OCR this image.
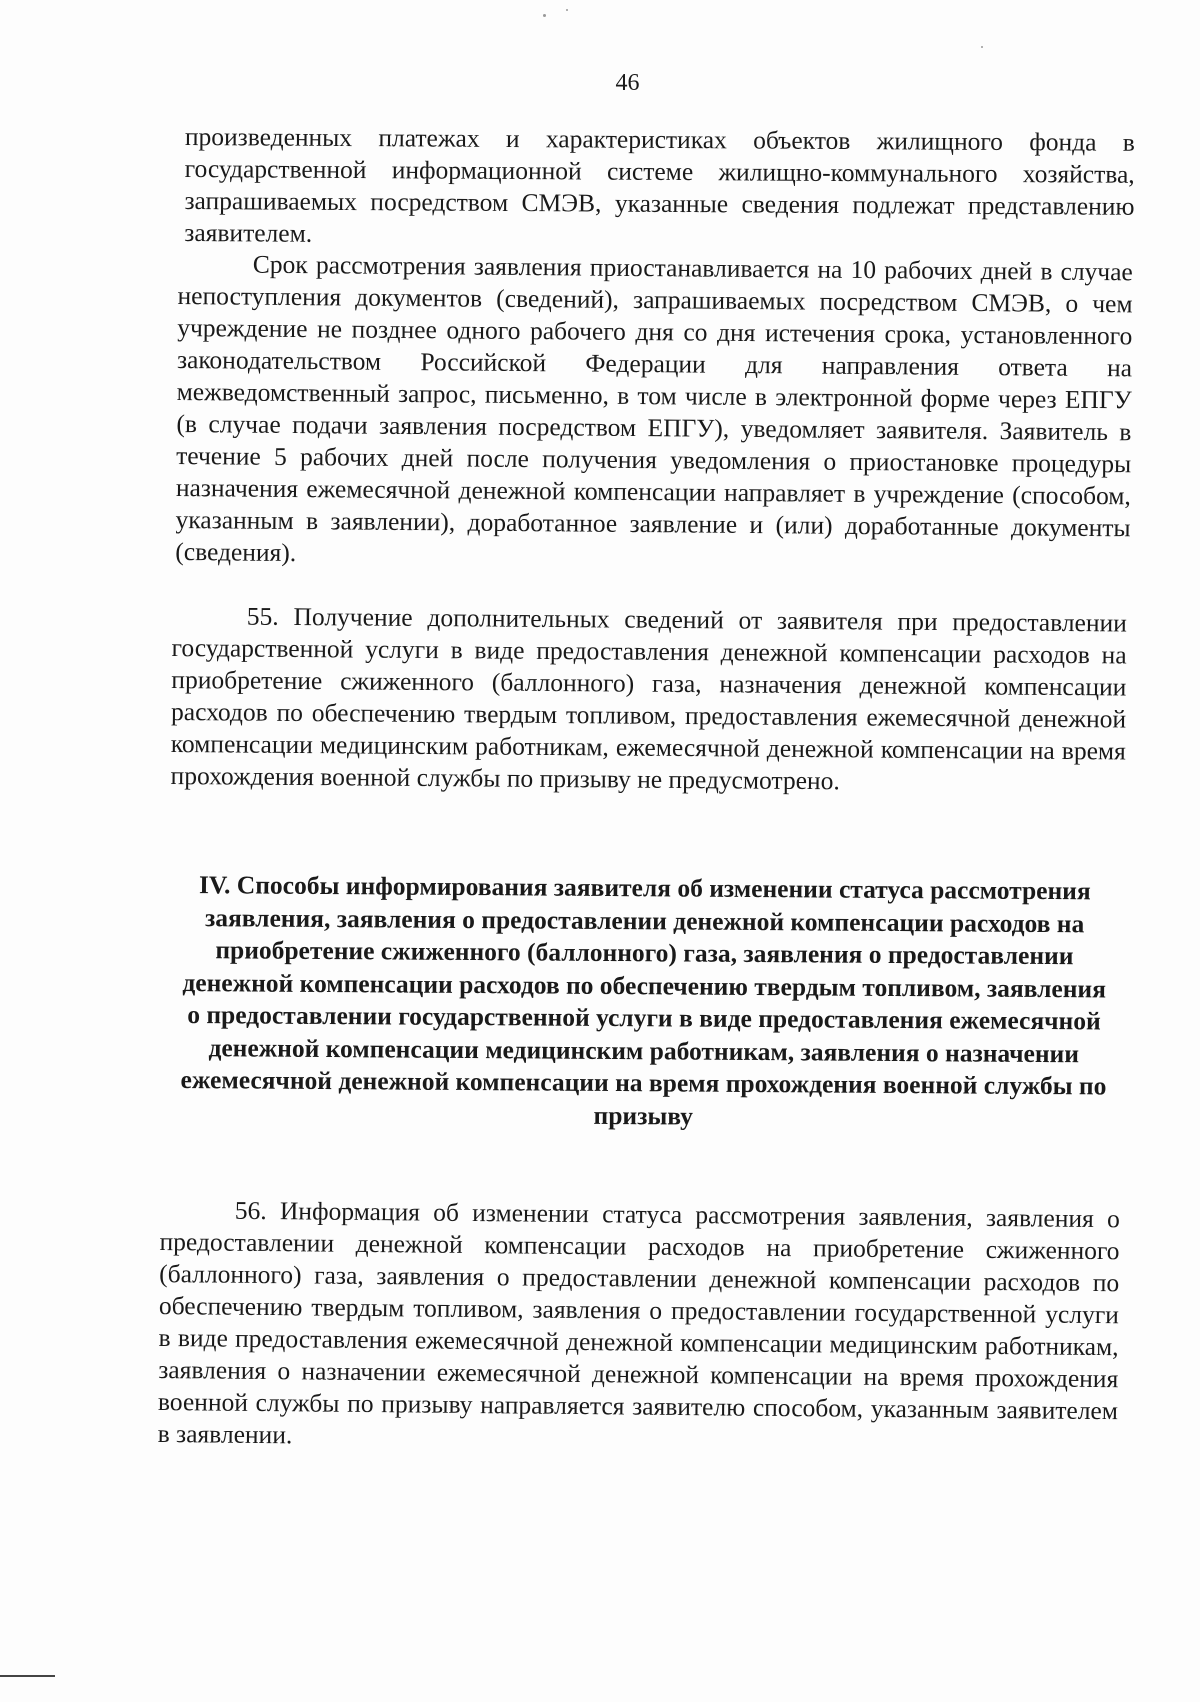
46

произведенных платежах и характеристиках объектов жилищного фонда в государственной информационной системе жилищно-коммунального хозяйства, запрашиваемых посредством СМЭВ, указанные сведения подлежат представлению заявителем.

Срок рассмотрения заявления приостанавливается на 10 рабочих дней в случае непоступления документов (сведений), запрашиваемых посредством СМЭВ, о чем учреждение не позднее одного рабочего дня со дня истечения срока, установленного законодательством Российской Федерации для направления ответа на межведомственный запрос, письменно, в том числе в электронной форме через ЕПГУ (в случае подачи заявления посредством ЕПГУ), уведомляет заявителя. Заявитель в течение 5 рабочих дней после получения уведомления о приостановке процедуры назначения ежемесячной денежной компенсации направляет в учреждение (способом, указанным в заявлении), доработанное заявление и (или) доработанные документы (сведения).

55. Получение дополнительных сведений от заявителя при предоставлении государственной услуги в виде предоставления денежной компенсации расходов на приобретение сжиженного (баллонного) газа, назначения денежной компенсации расходов по обеспечению твердым топливом, предоставления ежемесячной денежной компенсации медицинским работникам, ежемесячной денежной компенсации на время прохождения военной службы по призыву не предусмотрено.

IV. Способы информирования заявителя об изменении статуса рассмотрения заявления, заявления о предоставлении денежной компенсации расходов на приобретение сжиженного (баллонного) газа, заявления о предоставлении денежной компенсации расходов по обеспечению твердым топливом, заявления о предоставлении государственной услуги в виде предоставления ежемесячной денежной компенсации медицинским работникам, заявления о назначении ежемесячной денежной компенсации на время прохождения военной службы по призыву

56. Информация об изменении статуса рассмотрения заявления, заявления о предоставлении денежной компенсации расходов на приобретение сжиженного (баллонного) газа, заявления о предоставлении денежной компенсации расходов по обеспечению твердым топливом, заявления о предоставлении государственной услуги в виде предоставления ежемесячной денежной компенсации медицинским работникам, заявления о назначении ежемесячной денежной компенсации на время прохождения военной службы по призыву направляется заявителю способом, указанным заявителем в заявлении.
